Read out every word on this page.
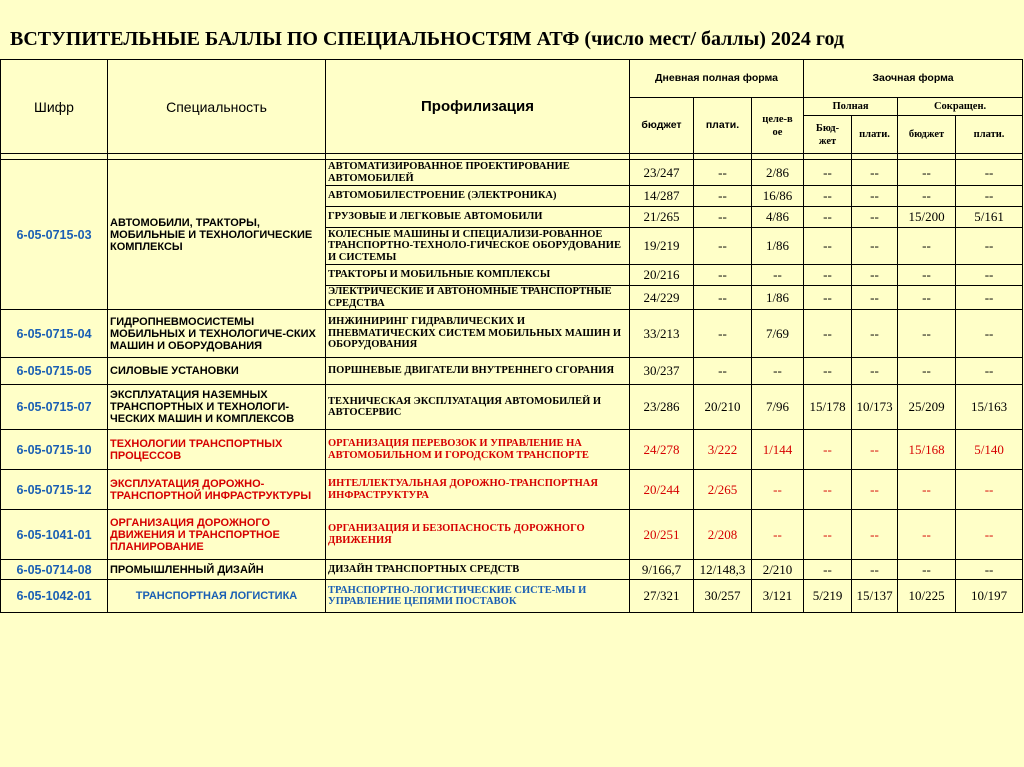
ВСТУПИТЕЛЬНЫЕ БАЛЛЫ ПО СПЕЦИАЛЬНОСТЯМ АТФ (число мест/ баллы) 2024 год
Шифр	Специальность	Профилизация	Дневная полная форма			Заочная форма			
			бюджет	плати.	целе-вое	Полная		Сокращен.	
						Бюд-жет	плати.	бюджет	плати.

6-05-0715-03	АВТОМОБИЛИ, ТРАКТОРЫ, МОБИЛЬНЫЕ И ТЕХНОЛОГИЧЕСКИЕ КОМПЛЕКСЫ	АВТОМАТИЗИРОВАННОЕ ПРОЕКТИРОВАНИЕ АВТОМОБИЛЕЙ	23/247	--	2/86	--	--	--	--
		АВТОМОБИЛЕСТРОЕНИЕ (ЭЛЕКТРОНИКА)	14/287	--	16/86	--	--	--	--
		ГРУЗОВЫЕ И ЛЕГКОВЫЕ АВТОМОБИЛИ	21/265	--	4/86	--	--	15/200	5/161
		КОЛЕСНЫЕ МАШИНЫ И СПЕЦИАЛИЗИ-РОВАННОЕ ТРАНСПОРТНО-ТЕХНОЛО-ГИЧЕСКОЕ ОБОРУДОВАНИЕ И СИСТЕМЫ	19/219	--	1/86	--	--	--	--
		ТРАКТОРЫ И МОБИЛЬНЫЕ КОМПЛЕКСЫ	20/216	--	--	--	--	--	--
		ЭЛЕКТРИЧЕСКИЕ И АВТОНОМНЫЕ ТРАНСПОРТНЫЕ СРЕДСТВА	24/229	--	1/86	--	--	--	--
6-05-0715-04	ГИДРОПНЕВМОСИСТЕМЫ МОБИЛЬНЫХ И ТЕХНОЛОГИЧЕ-СКИХ МАШИН И ОБОРУДОВАНИЯ	ИНЖИНИРИНГ ГИДРАВЛИЧЕСКИХ И ПНЕВМАТИЧЕСКИХ СИСТЕМ МОБИЛЬНЫХ МАШИН И ОБОРУДОВАНИЯ	33/213	--	7/69	--	--	--	--
6-05-0715-05	СИЛОВЫЕ УСТАНОВКИ	ПОРШНЕВЫЕ ДВИГАТЕЛИ ВНУТРЕННЕГО СГОРАНИЯ	30/237	--	--	--	--	--	--
6-05-0715-07	ЭКСПЛУАТАЦИЯ НАЗЕМНЫХ ТРАНСПОРТНЫХ И ТЕХНОЛОГИ-ЧЕСКИХ МАШИН И КОМПЛЕКСОВ	ТЕХНИЧЕСКАЯ ЭКСПЛУАТАЦИЯ АВТОМОБИЛЕЙ И АВТОСЕРВИС	23/286	20/210	7/96	15/178	10/173	25/209	15/163
6-05-0715-10	ТЕХНОЛОГИИ ТРАНСПОРТНЫХ ПРОЦЕССОВ	ОРГАНИЗАЦИЯ ПЕРЕВОЗОК И УПРАВЛЕНИЕ НА АВТОМОБИЛЬНОМ И ГОРОДСКОМ ТРАНСПОРТЕ	24/278	3/222	1/144	--	--	15/168	5/140
6-05-0715-12	ЭКСПЛУАТАЦИЯ ДОРОЖНО-ТРАНСПОРТНОЙ ИНФРАСТРУКТУРЫ	ИНТЕЛЛЕКТУАЛЬНАЯ ДОРОЖНО-ТРАНСПОРТНАЯ ИНФРАСТРУКТУРА	20/244	2/265	--	--	--	--	--
6-05-1041-01	ОРГАНИЗАЦИЯ ДОРОЖНОГО ДВИЖЕНИЯ И ТРАНСПОРТНОЕ ПЛАНИРОВАНИЕ	ОРГАНИЗАЦИЯ И БЕЗОПАСНОСТЬ ДОРОЖНОГО ДВИЖЕНИЯ	20/251	2/208	--	--	--	--	--
6-05-0714-08	ПРОМЫШЛЕННЫЙ ДИЗАЙН	ДИЗАЙН ТРАНСПОРТНЫХ СРЕДСТВ	9/166,7	12/148,3	2/210	--	--	--	--
6-05-1042-01	ТРАНСПОРТНАЯ ЛОГИСТИКА	ТРАНСПОРТНО-ЛОГИСТИЧЕСКИЕ СИСТЕ-МЫ И УПРАВЛЕНИЕ ЦЕПЯМИ ПОСТАВОК	27/321	30/257	3/121	5/219	15/137	10/225	10/197
